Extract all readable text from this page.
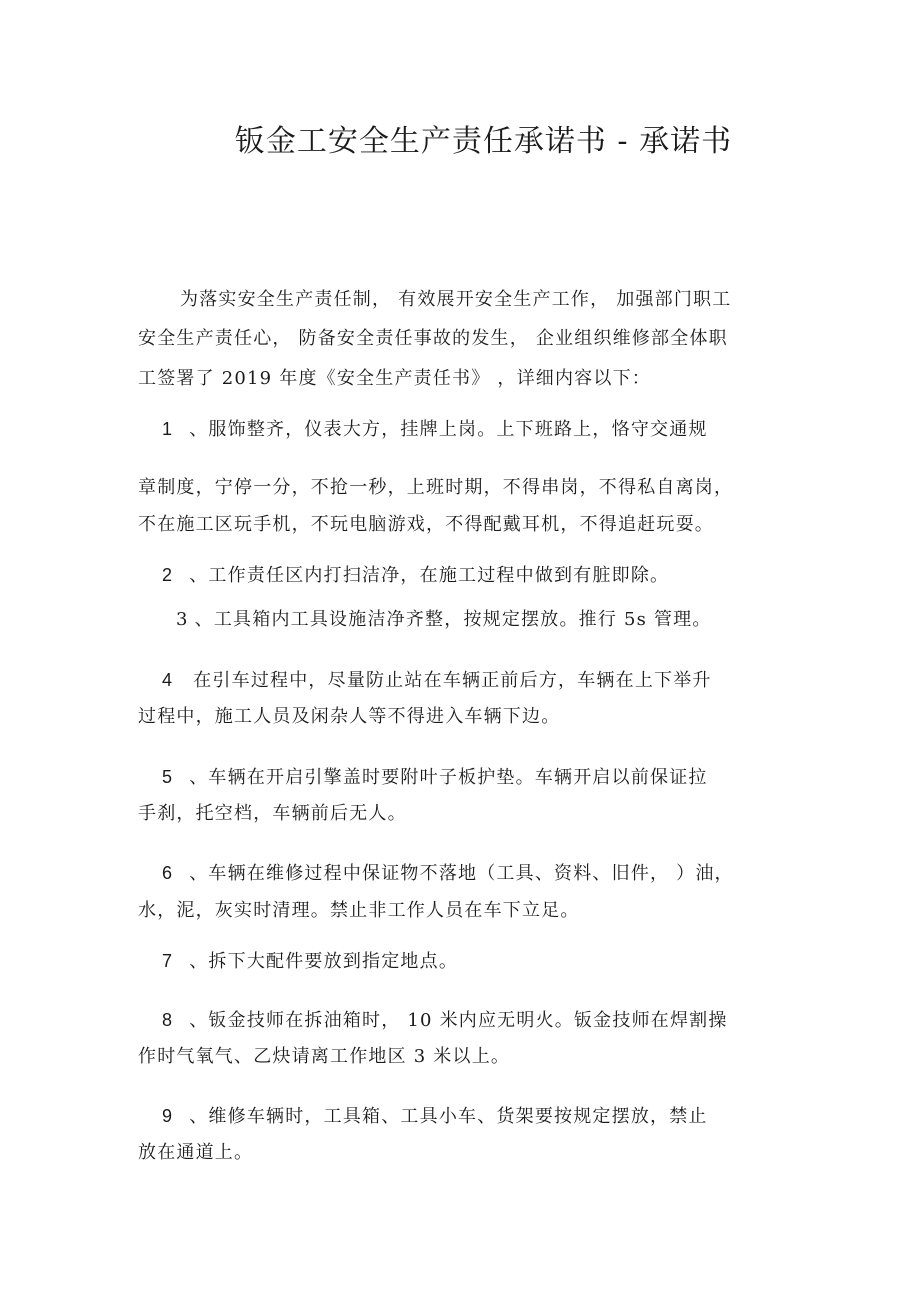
钣金工安全生产责任承诺书 - 承诺书
为落实安全生产责任制， 有效展开安全生产工作， 加强部门职工
安全生产责任心， 防备安全责任事故的发生， 企业组织维修部全体职
工签署了 2019 年度《安全生产责任书》 ，详细内容以下：
1 、服饰整齐，仪表大方，挂牌上岗。上下班路上，恪守交通规
章制度，宁停一分，不抢一秒，上班时期，不得串岗，不得私自离岗，
不在施工区玩手机，不玩电脑游戏，不得配戴耳机，不得追赶玩耍。
2 、工作责任区内打扫洁净，在施工过程中做到有脏即除。
3 、工具箱内工具设施洁净齐整，按规定摆放。推行 5s 管理。
4 在引车过程中，尽量防止站在车辆正前后方，车辆在上下举升
过程中，施工人员及闲杂人等不得进入车辆下边。
5 、车辆在开启引擎盖时要附叶子板护垫。车辆开启以前保证拉
手刹，托空档，车辆前后无人。
6 、车辆在维修过程中保证物不落地（工具、资料、旧件， ）油，
水，泥，灰实时清理。禁止非工作人员在车下立足。
7 、拆下大配件要放到指定地点。
8 、钣金技师在拆油箱时， 10 米内应无明火。钣金技师在焊割操
作时气氧气、乙炔请离工作地区 3 米以上。
9 、维修车辆时，工具箱、工具小车、货架要按规定摆放，禁止
放在通道上。
